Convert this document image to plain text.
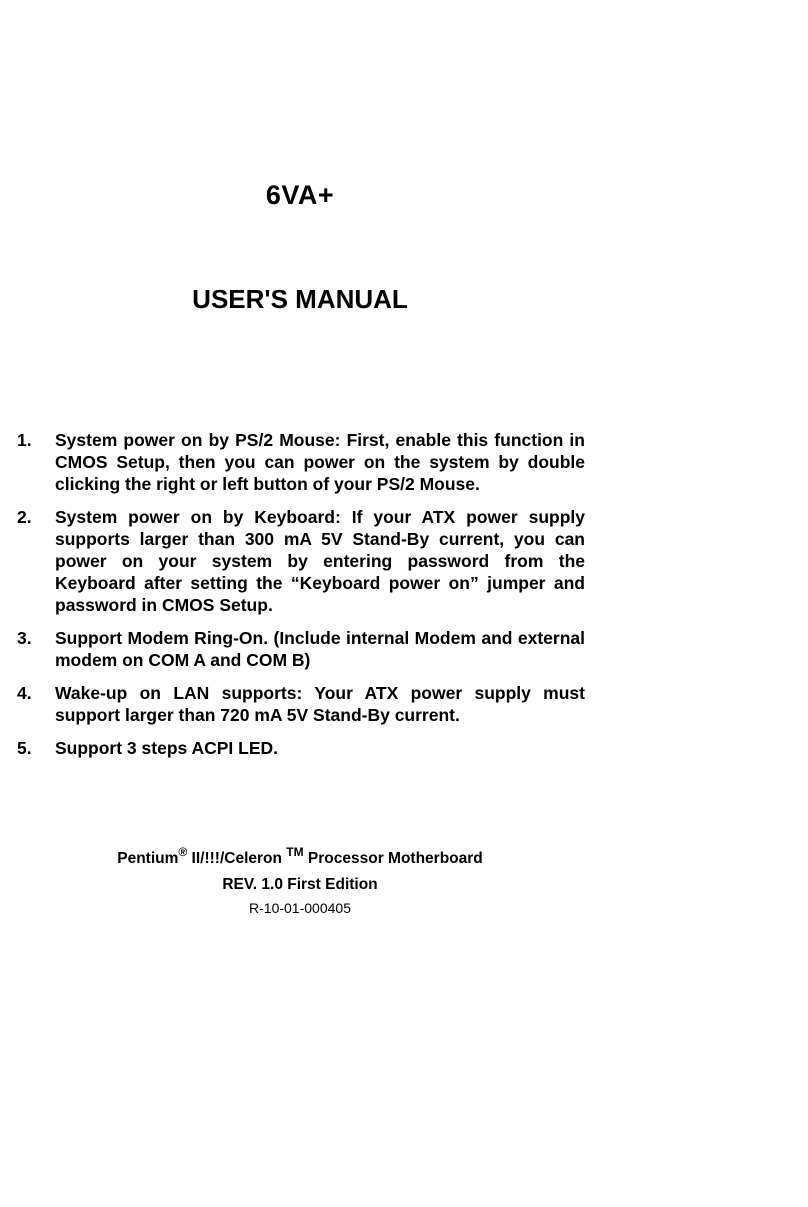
6VA+
USER'S MANUAL
1.	System power on by PS/2 Mouse: First, enable this function in CMOS Setup, then you can power on the system by double clicking the right or left button of your PS/2 Mouse.
2.	System power on by Keyboard: If your ATX power supply supports larger than 300 mA 5V Stand-By current, you can power on your system by entering password from the Keyboard after setting the “Keyboard power on” jumper and password in CMOS Setup.
3.	Support Modem Ring-On. (Include internal Modem and external modem on COM A and COM B)
4.	Wake-up on LAN supports: Your ATX power supply must support larger than 720 mA 5V Stand-By current.
5.	Support 3 steps ACPI LED.
Pentium® II/!!!/Celeron ™ Processor Motherboard
REV. 1.0 First Edition
R-10-01-000405
